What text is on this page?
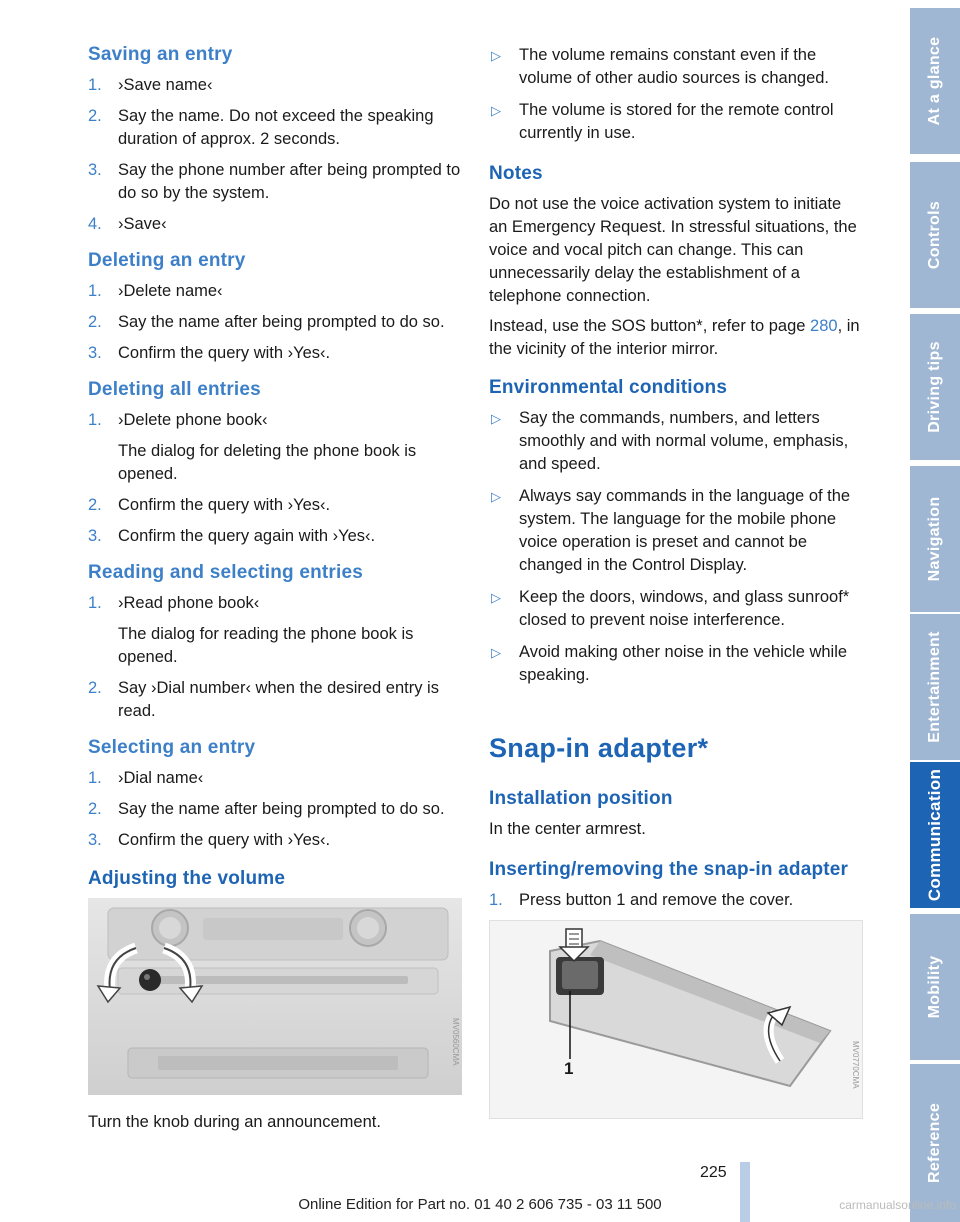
Saving an entry
1. ›Save name‹
2. Say the name. Do not exceed the speaking duration of approx. 2 seconds.
3. Say the phone number after being prompted to do so by the system.
4. ›Save‹
Deleting an entry
1. ›Delete name‹
2. Say the name after being prompted to do so.
3. Confirm the query with ›Yes‹.
Deleting all entries
1. ›Delete phone book‹
The dialog for deleting the phone book is opened.
2. Confirm the query with ›Yes‹.
3. Confirm the query again with ›Yes‹.
Reading and selecting entries
1. ›Read phone book‹
The dialog for reading the phone book is opened.
2. Say ›Dial number‹ when the desired entry is read.
Selecting an entry
1. ›Dial name‹
2. Say the name after being prompted to do so.
3. Confirm the query with ›Yes‹.
Adjusting the volume
MV0560CMA
Turn the knob during an announcement.
▷ The volume remains constant even if the volume of other audio sources is changed.
▷ The volume is stored for the remote control currently in use.
Notes

Do not use the voice activation system to initiate an Emergency Request. In stressful situations, the voice and vocal pitch can change. This can unnecessarily delay the establishment of a telephone connection.

Instead, use the SOS button*, refer to page 280, in the vicinity of the interior mirror.

Environmental conditions
▷ Say the commands, numbers, and letters smoothly and with normal volume, emphasis, and speed.
▷ Always say commands in the language of the system. The language for the mobile phone voice operation is preset and cannot be changed in the Control Display.
▷ Keep the doors, windows, and glass sunroof* closed to prevent noise interference.
▷ Avoid making other noise in the vehicle while speaking.
Snap-in adapter*
Installation position

In the center armrest.

Inserting/removing the snap-in adapter
1. Press button 1 and remove the cover.
1	MV0770CMA
At a glance
Controls
Driving tips
Navigation
Entertainment
Communication
Mobility
Reference
225
Online Edition for Part no. 01 40 2 606 735 - 03 11 500	carmanualsonline.info
